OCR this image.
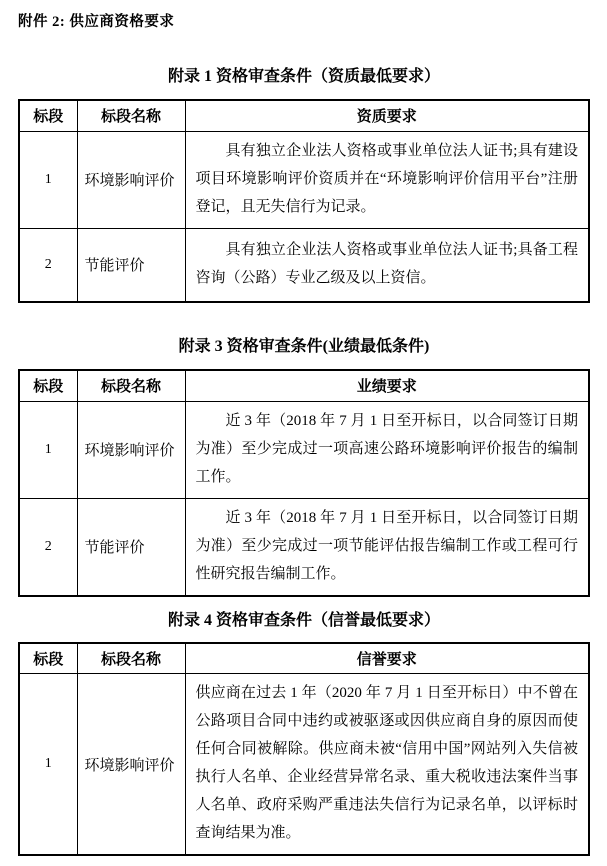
附件 2: 供应商资格要求

附录 1 资格审查条件（资质最低要求）
标段	标段名称	资质要求
1	环境影响评价	具有独立企业法人资格或事业单位法人证书;具有建设项目环境影响评价资质并在“环境影响评价信用平台”注册登记，且无失信行为记录。

2	节能评价	具有独立企业法人资格或事业单位法人证书;具备工程咨询（公路）专业乙级及以上资信。

附录 3 资格审查条件(业绩最低条件)
标段	标段名称	业绩要求
1	环境影响评价	近 3 年（2018 年 7 月 1 日至开标日，以合同签订日期为准）至少完成过一项高速公路环境影响评价报告的编制工作。

2	节能评价	近 3 年（2018 年 7 月 1 日至开标日，以合同签订日期为准）至少完成过一项节能评估报告编制工作或工程可行性研究报告编制工作。

附录 4 资格审查条件（信誉最低要求）
标段	标段名称	信誉要求
1	环境影响评价	供应商在过去 1 年（2020 年 7 月 1 日至开标日）中不曾在公路项目合同中违约或被驱逐或因供应商自身的原因而使任何合同被解除。供应商未被“信用中国”网站列入失信被执行人名单、企业经营异常名录、重大税收违法案件当事人名单、政府采购严重违法失信行为记录名单，以评标时查询结果为准。
